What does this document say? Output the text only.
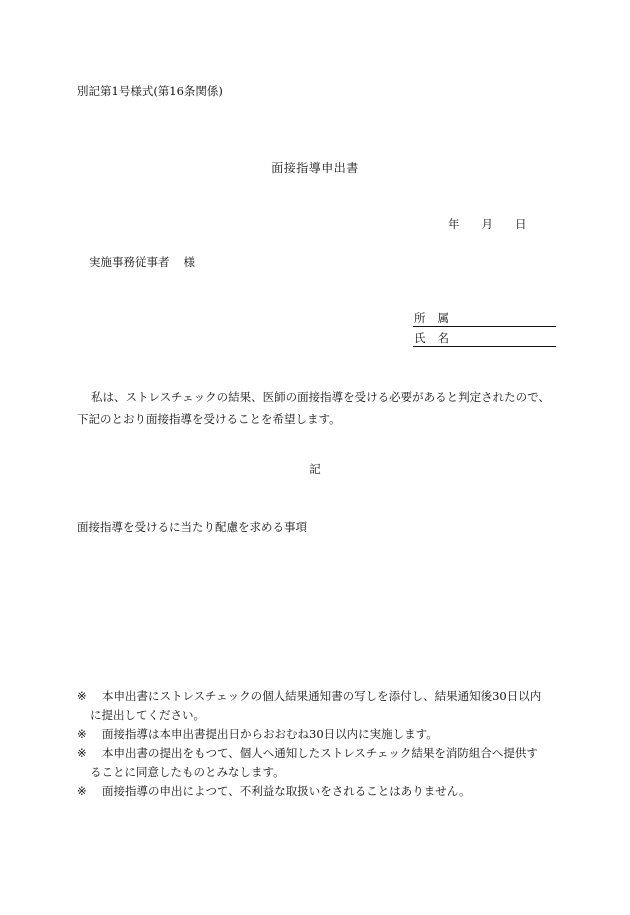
別記第1号様式(第16条関係)
面接指導申出書
年 月 日
実施事務従事者 様
所 属
氏 名
私は、ストレスチェックの結果、医師の面接指導を受ける必要があると判定されたので、
下記のとおり面接指導を受けることを希望します。
記
面接指導を受けるに当たり配慮を求める事項
※ 本申出書にストレスチェックの個人結果通知書の写しを添付し、結果通知後30日以内
に提出してください。
※ 面接指導は本申出書提出日からおおむね30日以内に実施します。
※ 本申出書の提出をもつて、個人へ通知したストレスチェック結果を消防組合へ提供す
ることに同意したものとみなします。
※ 面接指導の申出によつて、不利益な取扱いをされることはありません。
